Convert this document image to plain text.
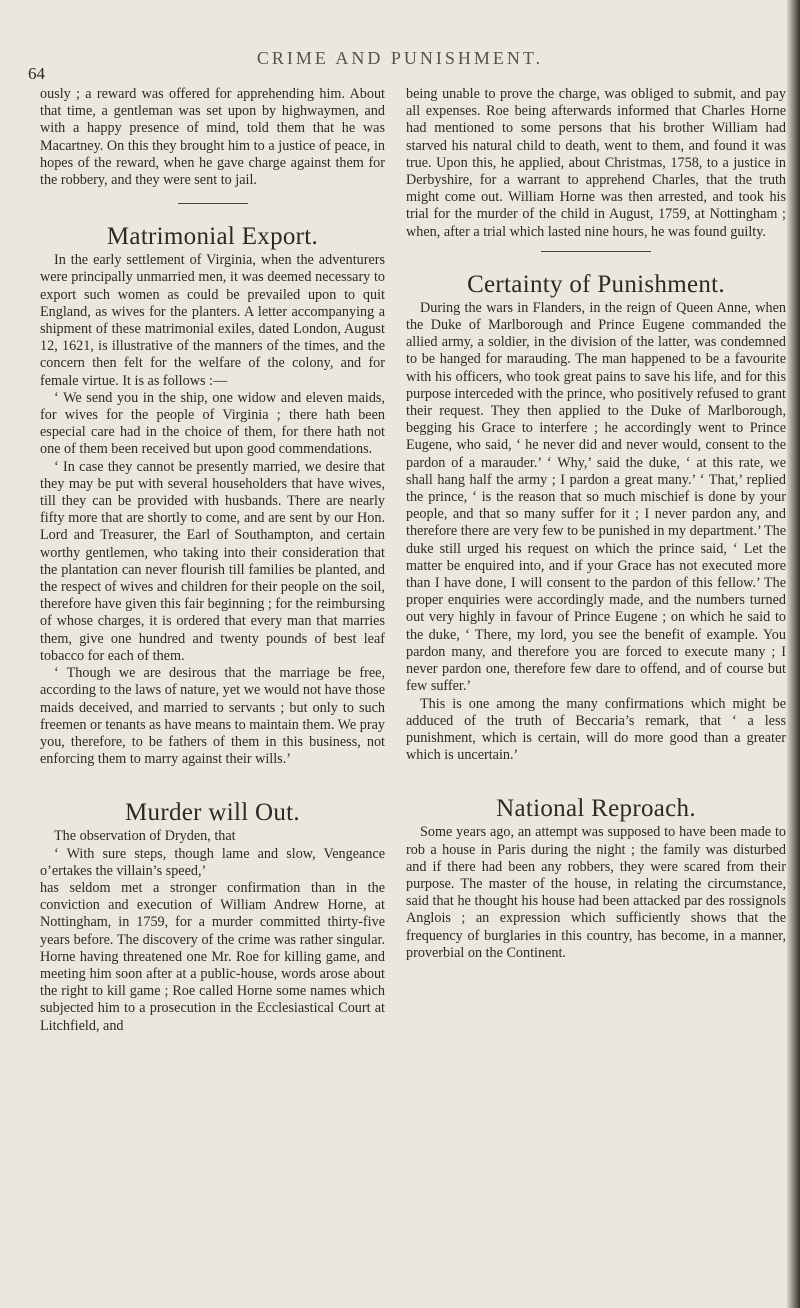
CRIME AND PUNISHMENT.
64

ously ; a reward was offered for apprehending him. About that time, a gentleman was set upon by highwaymen, and with a happy presence of mind, told them that he was Macartney. On this they brought him to a justice of peace, in hopes of the reward, when he gave charge against them for the robbery, and they were sent to jail.

Matrimonial Export.

In the early settlement of Virginia, when the adventurers were principally unmarried men, it was deemed necessary to export such women as could be prevailed upon to quit England, as wives for the planters. A letter accompanying a shipment of these matrimonial exiles, dated London, August 12, 1621, is illustrative of the manners of the times, and the concern then felt for the welfare of the colony, and for female virtue. It is as follows :—

‘ We send you in the ship, one widow and eleven maids, for wives for the people of Virginia ; there hath been especial care had in the choice of them, for there hath not one of them been received but upon good commendations.

‘ In case they cannot be presently married, we desire that they may be put with several householders that have wives, till they can be provided with husbands. There are nearly fifty more that are shortly to come, and are sent by our Hon. Lord and Treasurer, the Earl of Southampton, and certain worthy gentlemen, who taking into their consideration that the plantation can never flourish till families be planted, and the respect of wives and children for their people on the soil, therefore have given this fair beginning ; for the reimbursing of whose charges, it is ordered that every man that marries them, give one hundred and twenty pounds of best leaf tobacco for each of them.

‘ Though we are desirous that the marriage be free, according to the laws of nature, yet we would not have those maids deceived, and married to servants ; but only to such freemen or tenants as have means to maintain them. We pray you, therefore, to be fathers of them in this business, not enforcing them to marry against their wills.’

Murder will Out.

The observation of Dryden, that

‘ With sure steps, though lame and slow, Vengeance o’ertakes the villain’s speed,’

has seldom met a stronger confirmation than in the conviction and execution of William Andrew Horne, at Nottingham, in 1759, for a murder committed thirty-five years before. The discovery of the crime was rather singular. Horne having threatened one Mr. Roe for killing game, and meeting him soon after at a public-house, words arose about the right to kill game ; Roe called Horne some names which subjected him to a prosecution in the Ecclesiastical Court at Litchfield, and

being unable to prove the charge, was obliged to submit, and pay all expenses. Roe being afterwards informed that Charles Horne had mentioned to some persons that his brother William had starved his natural child to death, went to them, and found it was true. Upon this, he applied, about Christmas, 1758, to a justice in Derbyshire, for a warrant to apprehend Charles, that the truth might come out. William Horne was then arrested, and took his trial for the murder of the child in August, 1759, at Nottingham ; when, after a trial which lasted nine hours, he was found guilty.

Certainty of Punishment.

During the wars in Flanders, in the reign of Queen Anne, when the Duke of Marlborough and Prince Eugene commanded the allied army, a soldier, in the division of the latter, was condemned to be hanged for marauding. The man happened to be a favourite with his officers, who took great pains to save his life, and for this purpose interceded with the prince, who positively refused to grant their request. They then applied to the Duke of Marlborough, begging his Grace to interfere ; he accordingly went to Prince Eugene, who said, ‘ he never did and never would, consent to the pardon of a marauder.’ ‘ Why,’ said the duke, ‘ at this rate, we shall hang half the army ; I pardon a great many.’ ‘ That,’ replied the prince, ‘ is the reason that so much mischief is done by your people, and that so many suffer for it ; I never pardon any, and therefore there are very few to be punished in my department.’ The duke still urged his request on which the prince said, ‘ Let the matter be enquired into, and if your Grace has not executed more than I have done, I will consent to the pardon of this fellow.’ The proper enquiries were accordingly made, and the numbers turned out very highly in favour of Prince Eugene ; on which he said to the duke, ‘ There, my lord, you see the benefit of example. You pardon many, and therefore you are forced to execute many ; I never pardon one, therefore few dare to offend, and of course but few suffer.’

This is one among the many confirmations which might be adduced of the truth of Beccaria’s remark, that ‘ a less punishment, which is certain, will do more good than a greater which is uncertain.’

National Reproach.

Some years ago, an attempt was supposed to have been made to rob a house in Paris during the night ; the family was disturbed and if there had been any robbers, they were scared from their purpose. The master of the house, in relating the circumstance, said that he thought his house had been attacked par des rossignols Anglois ; an expression which sufficiently shows that the frequency of burglaries in this country, has become, in a manner, proverbial on the Continent.
